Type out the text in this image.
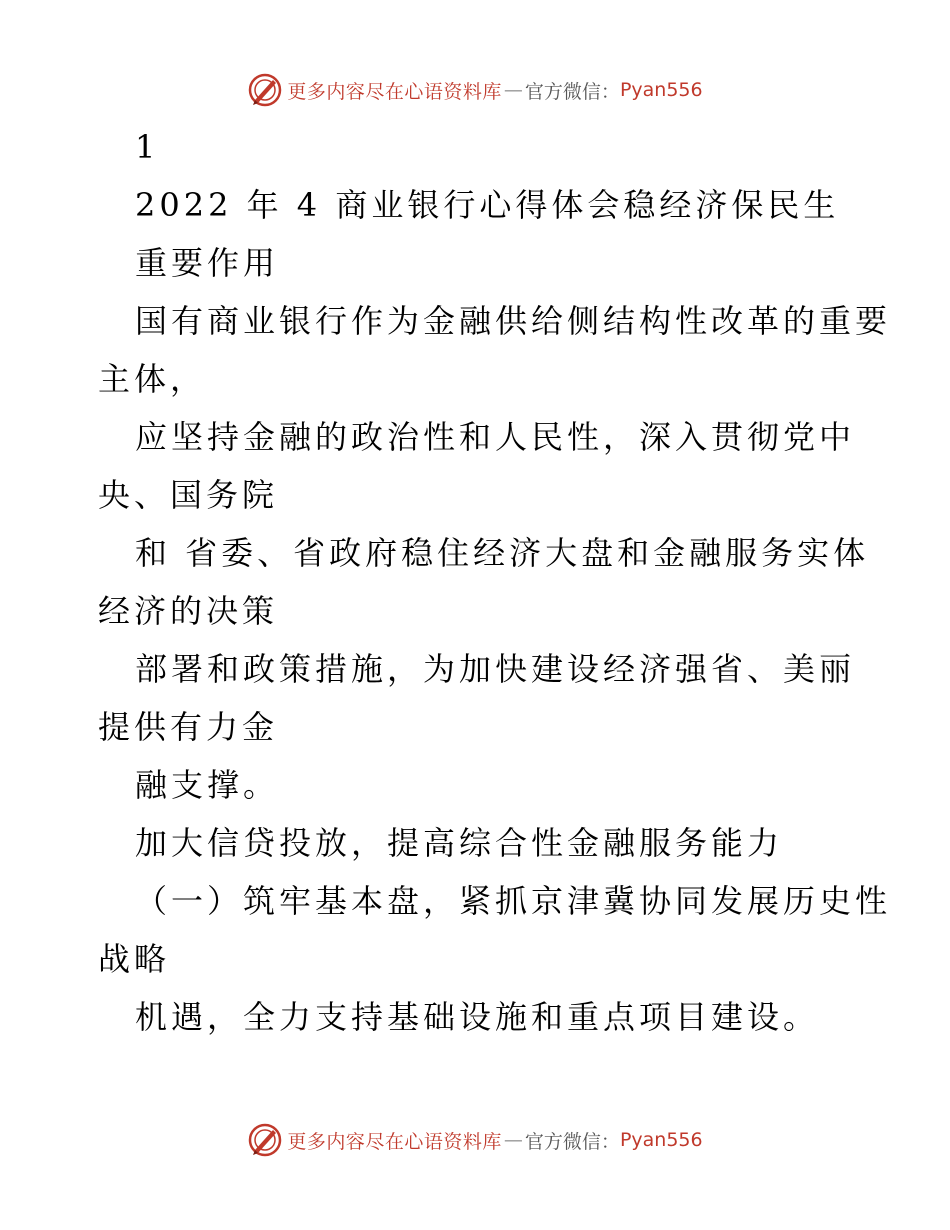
更多内容尽在心语资料库 — 官方微信： Pyan556
1
2022 年 4 商业银行心得体会稳经济保民生
重要作用
国有商业银行作为金融供给侧结构性改革的重要
主体，
应坚持金融的政治性和人民性，深入贯彻党中
央、国务院
和 省委、省政府稳住经济大盘和金融服务实体
经济的决策
部署和政策措施，为加快建设经济强省、美丽
提供有力金
融支撑。
加大信贷投放，提高综合性金融服务能力
（一）筑牢基本盘，紧抓京津冀协同发展历史性
战略
机遇，全力支持基础设施和重点项目建设。
更多内容尽在心语资料库 — 官方微信： Pyan556
